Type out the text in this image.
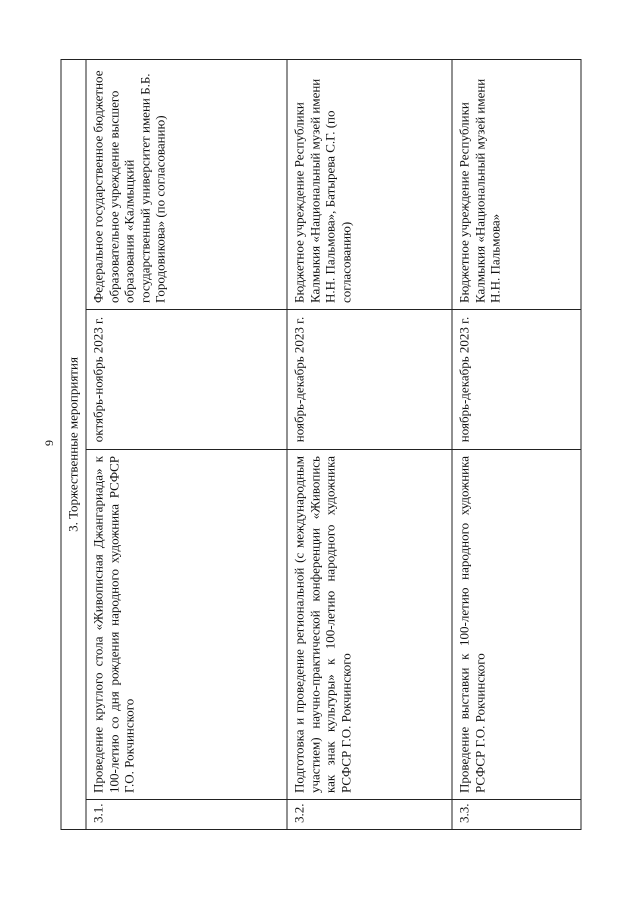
9 3. Торжественные мероприятия			
3.1.	Проведение круглого стола «Живописная Джангариада» к 100-летию со дня рождения народного художника РСФСР Г.О. Рокчинского	октябрь-ноябрь 2023 г.	Федеральное государственное бюджетное образовательное учреждение высшего образования «Калмыцкий государственный университет имени Б.Б. Городовикова» (по согласованию)
3.2.	Подготовка и проведение региональной (с международным участием) научно-практической конференции «Живопись как знак культуры» к 100-летию народного художника РСФСР Г.О. Рокчинского	ноябрь-декабрь 2023 г.	Бюджетное учреждение Республики Калмыкия «Национальный музей имени Н.Н. Пальмова», Батырева С.Г. (по согласованию)
3.3.	Проведение выставки к 100-летию народного художника РСФСР Г.О. Рокчинского	ноябрь-декабрь 2023 г.	Бюджетное учреждение Республики Калмыкия «Национальный музей имени Н.Н. Пальмова»
